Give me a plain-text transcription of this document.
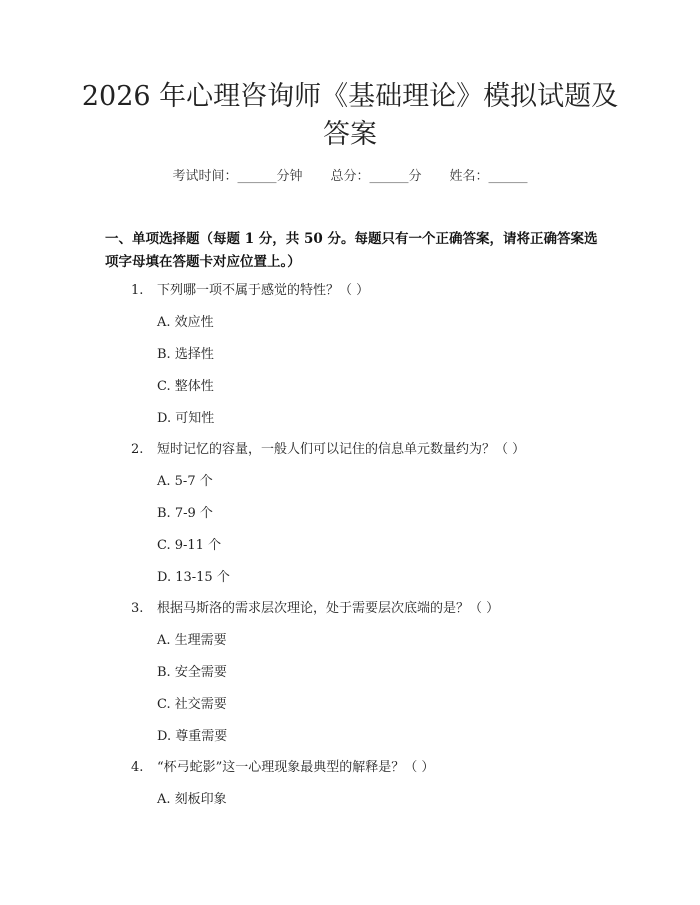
2026 年心理咨询师《基础理论》模拟试题及
答案
考试时间：______分钟 总分：______分 姓名：______
一、单项选择题（每题 1 分，共 50 分。每题只有一个正确答案，请将正确答案选项字母填在答题卡对应位置上。）
1. 下列哪一项不属于感觉的特性？（ ）
A. 效应性
B. 选择性
C. 整体性
D. 可知性
2. 短时记忆的容量，一般人们可以记住的信息单元数量约为？（ ）
A. 5-7 个
B. 7-9 个
C. 9-11 个
D. 13-15 个
3. 根据马斯洛的需求层次理论，处于需要层次底端的是？（ ）
A. 生理需要
B. 安全需要
C. 社交需要
D. 尊重需要
4. “杯弓蛇影”这一心理现象最典型的解释是？（ ）
A. 刻板印象
